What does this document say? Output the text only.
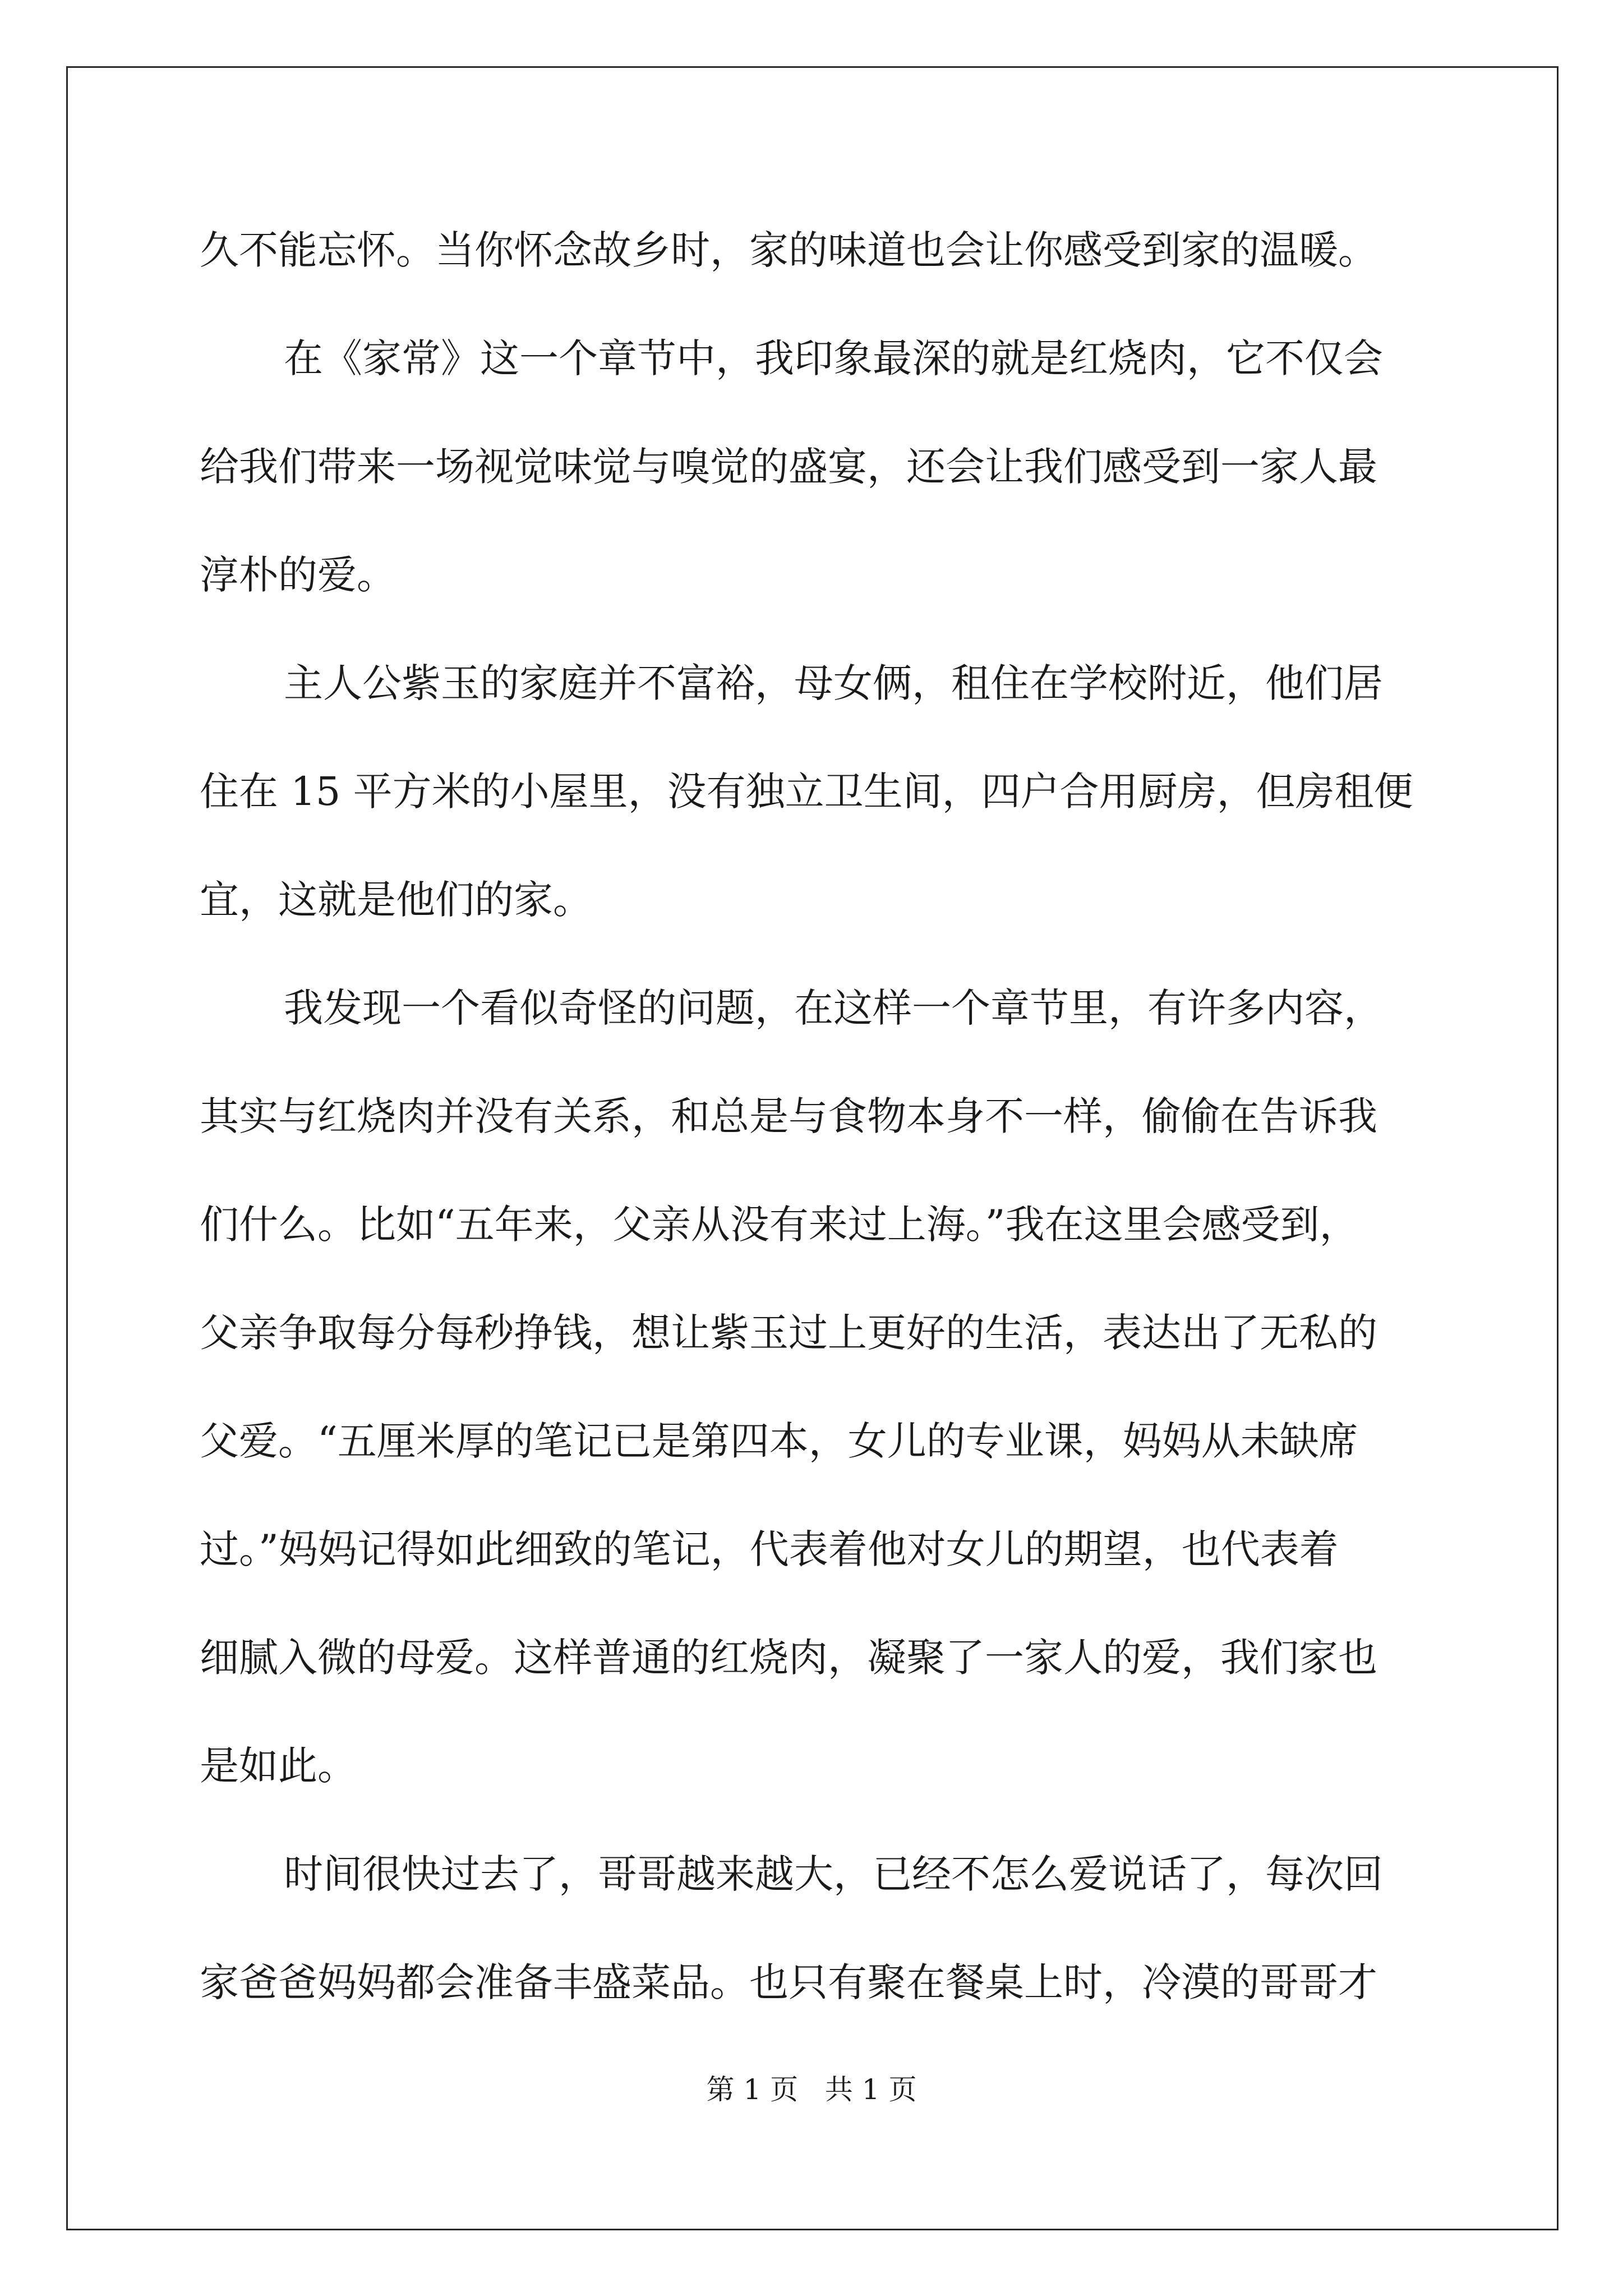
久不能忘怀。当你怀念故乡时，家的味道也会让你感受到家的温暖。
在《家常》这一个章节中，我印象最深的就是红烧肉，它不仅会
给我们带来一场视觉味觉与嗅觉的盛宴，还会让我们感受到一家人最
淳朴的爱。
主人公紫玉的家庭并不富裕，母女俩，租住在学校附近，他们居
住在 15 平方米的小屋里，没有独立卫生间，四户合用厨房，但房租便
宜，这就是他们的家。
我发现一个看似奇怪的问题，在这样一个章节里，有许多内容，
其实与红烧肉并没有关系，和总是与食物本身不一样，偷偷在告诉我
们什么。比如“五年来，父亲从没有来过上海。”我在这里会感受到，
父亲争取每分每秒挣钱，想让紫玉过上更好的生活，表达出了无私的
父爱。“五厘米厚的笔记已是第四本，女儿的专业课，妈妈从未缺席
过。”妈妈记得如此细致的笔记，代表着他对女儿的期望，也代表着
细腻入微的母爱。这样普通的红烧肉，凝聚了一家人的爱，我们家也
是如此。
时间很快过去了，哥哥越来越大，已经不怎么爱说话了，每次回
家爸爸妈妈都会准备丰盛菜品。也只有聚在餐桌上时，冷漠的哥哥才
第 1 页 共 1 页
